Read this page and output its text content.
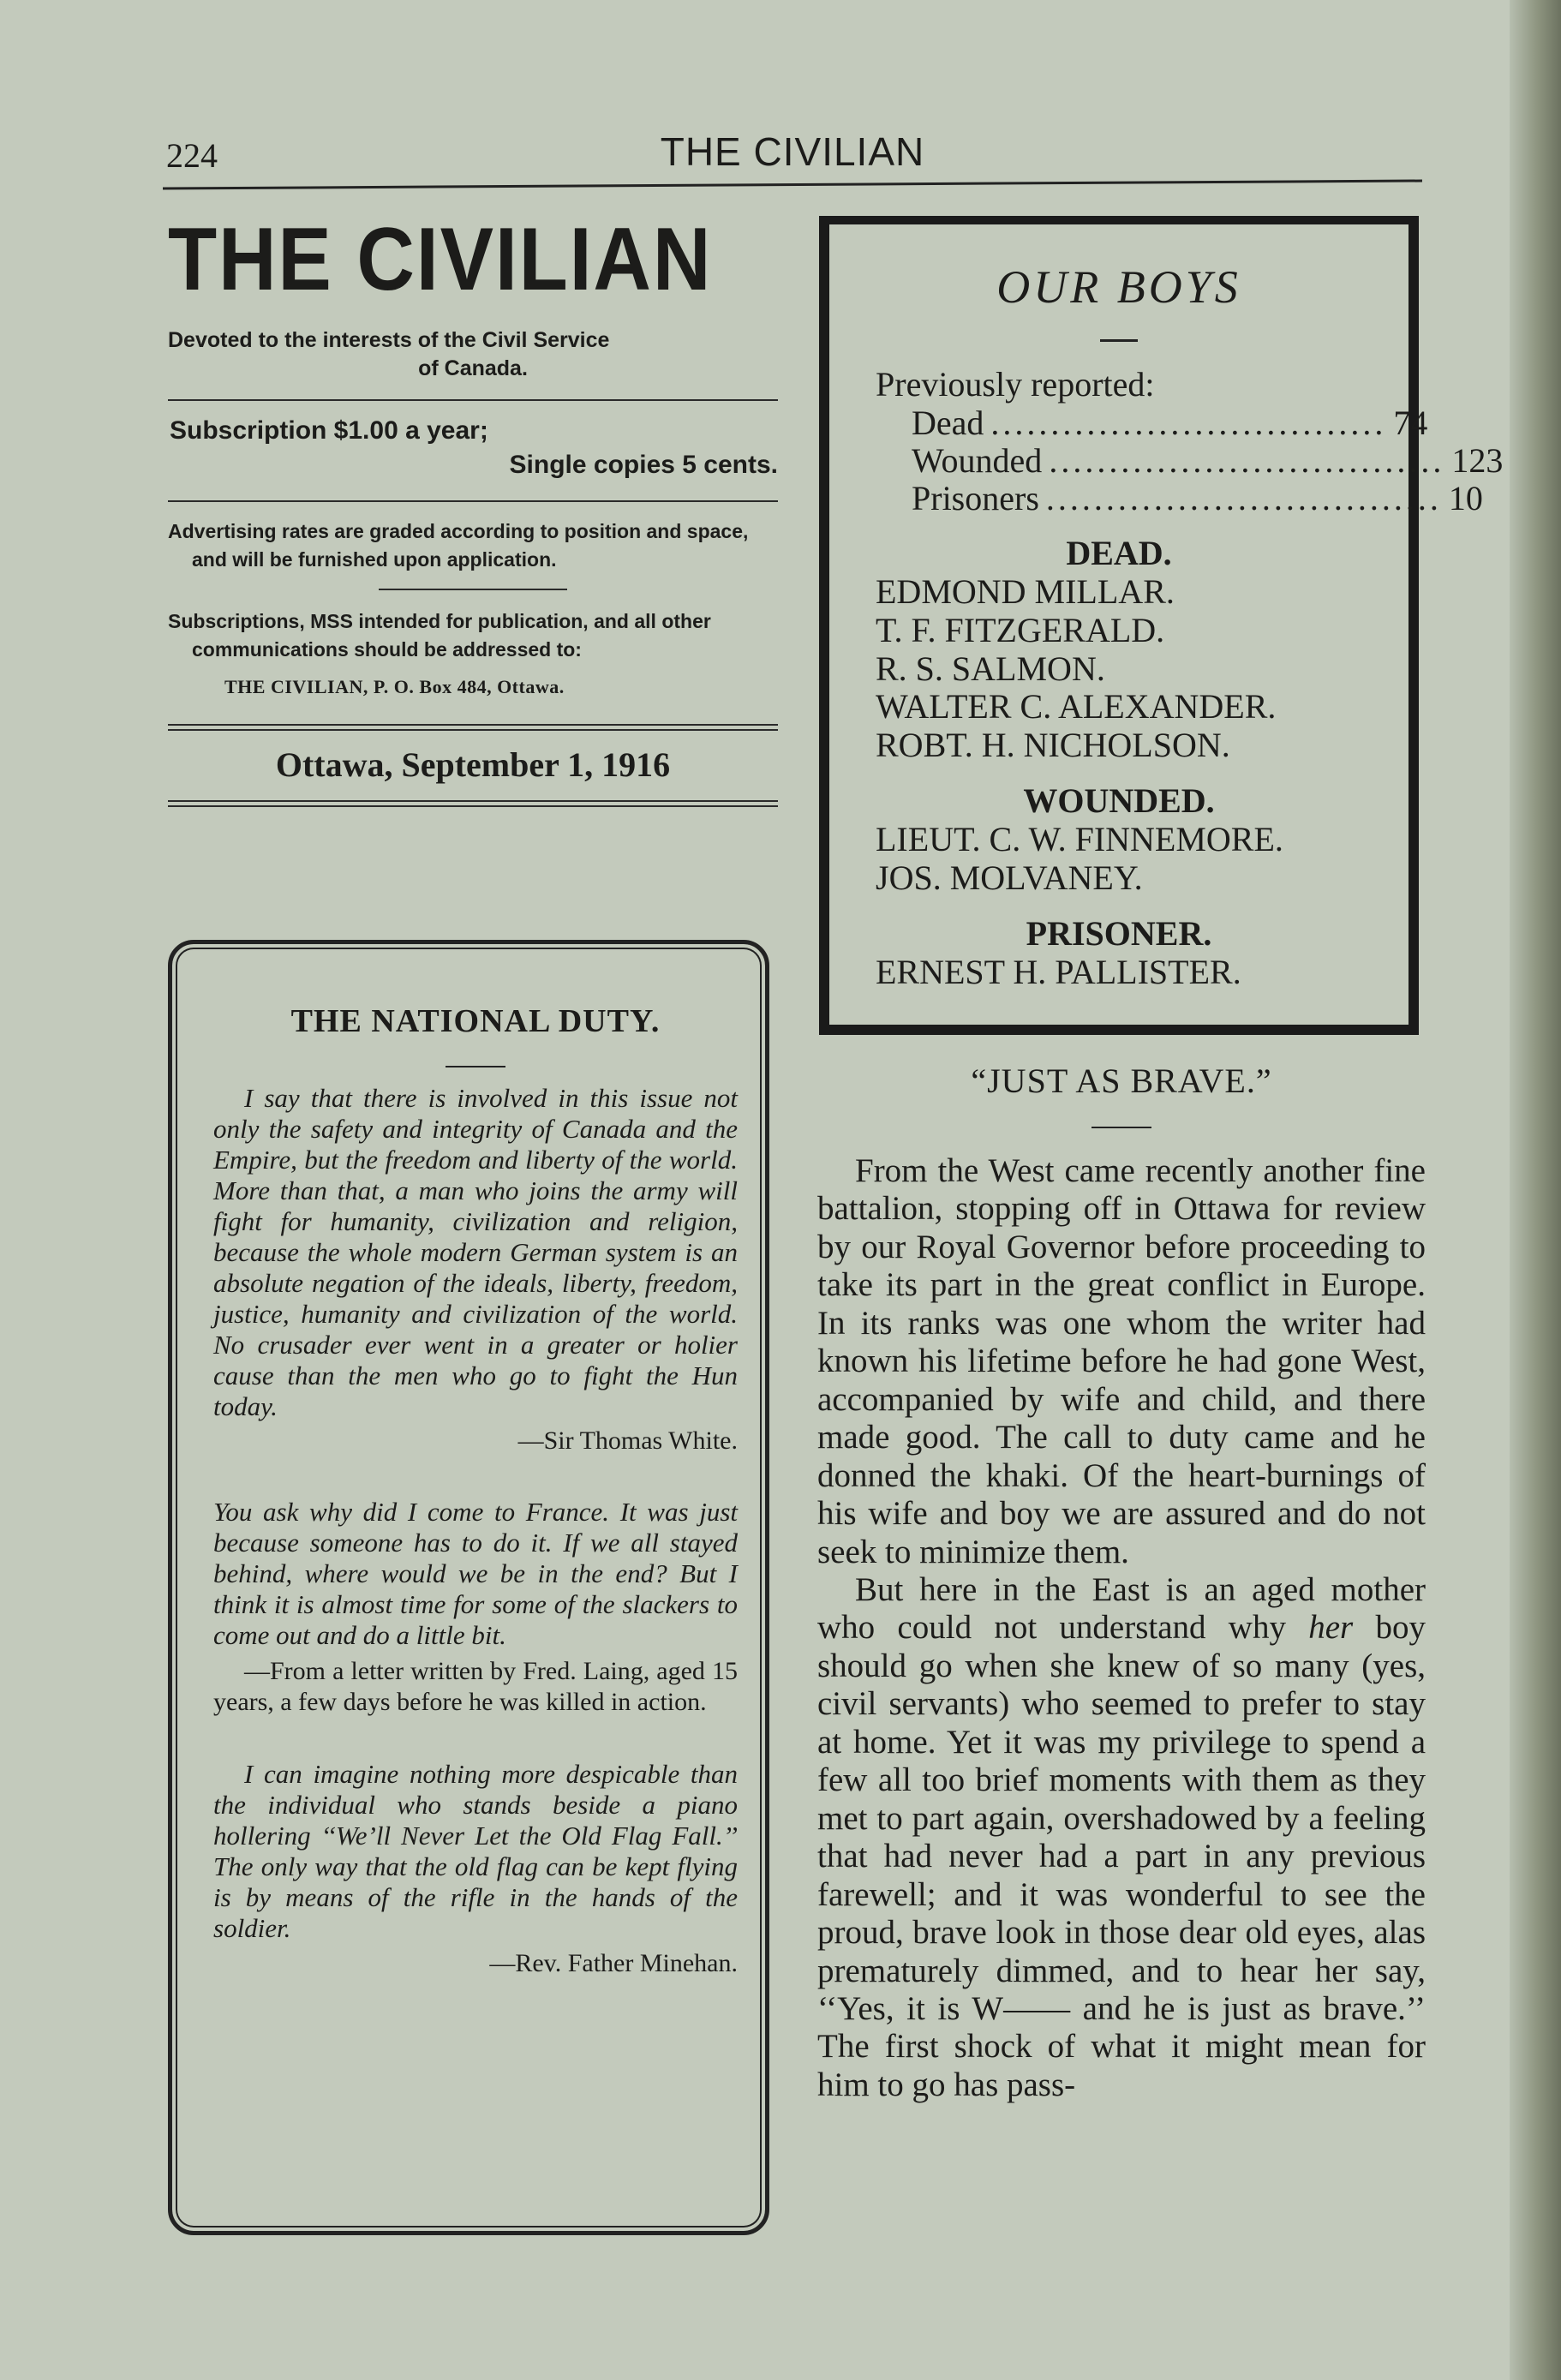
224	THE CIVILIAN
THE CIVILIAN
Devoted to the interests of the Civil Service
of Canada.
Subscription $1.00 a year;
Single copies 5 cents.
Advertising rates are graded according to position and space, and will be furnished upon application.
Subscriptions, MSS intended for publication, and all other communications should be addressed to:
THE CIVILIAN, P. O. Box 484, Ottawa.
Ottawa, September 1, 1916
THE NATIONAL DUTY.

I say that there is involved in this issue not only the safety and integrity of Canada and the Empire, but the freedom and liberty of the world. More than that, a man who joins the army will fight for humanity, civilization and religion, because the whole modern German system is an absolute negation of the ideals, liberty, freedom, justice, humanity and civilization of the world. No crusader ever went in a greater or holier cause than the men who go to fight the Hun today.

—Sir Thomas White.

You ask why did I come to France. It was just because someone has to do it. If we all stayed behind, where would we be in the end? But I think it is almost time for some of the slackers to come out and do a little bit.

—From a letter written by Fred. Laing, aged 15 years, a few days before he was killed in action.

I can imagine nothing more despicable than the individual who stands beside a piano hollering ‘‘We’ll Never Let the Old Flag Fall.’’ The only way that the old flag can be kept flying is by means of the rifle in the hands of the soldier.

—Rev. Father Minehan.

OUR BOYS
Previously reported:
Dead ................................. 74
Wounded ................................. 123
Prisoners ................................. 10
DEAD.
EDMOND MILLAR.
T. F. FITZGERALD.
R. S. SALMON.
WALTER C. ALEXANDER.
ROBT. H. NICHOLSON.
WOUNDED.
LIEUT. C. W. FINNEMORE.
JOS. MOLVANEY.
PRISONER.
ERNEST H. PALLISTER.
“JUST AS BRAVE.”

From the West came recently another fine battalion, stopping off in Ottawa for review by our Royal Governor before proceeding to take its part in the great conflict in Europe. In its ranks was one whom the writer had known his lifetime before he had gone West, accompanied by wife and child, and there made good. The call to duty came and he donned the khaki. Of the heart-burnings of his wife and boy we are assured and do not seek to minimize them.

But here in the East is an aged mother who could not understand why her boy should go when she knew of so many (yes, civil servants) who seemed to prefer to stay at home. Yet it was my privilege to spend a few all too brief moments with them as they met to part again, overshadowed by a feeling that had never had a part in any previous farewell; and it was wonderful to see the proud, brave look in those dear old eyes, alas prematurely dimmed, and to hear her say, ‘‘Yes, it is W—— and he is just as brave.’’ The first shock of what it might mean for him to go has pass-
